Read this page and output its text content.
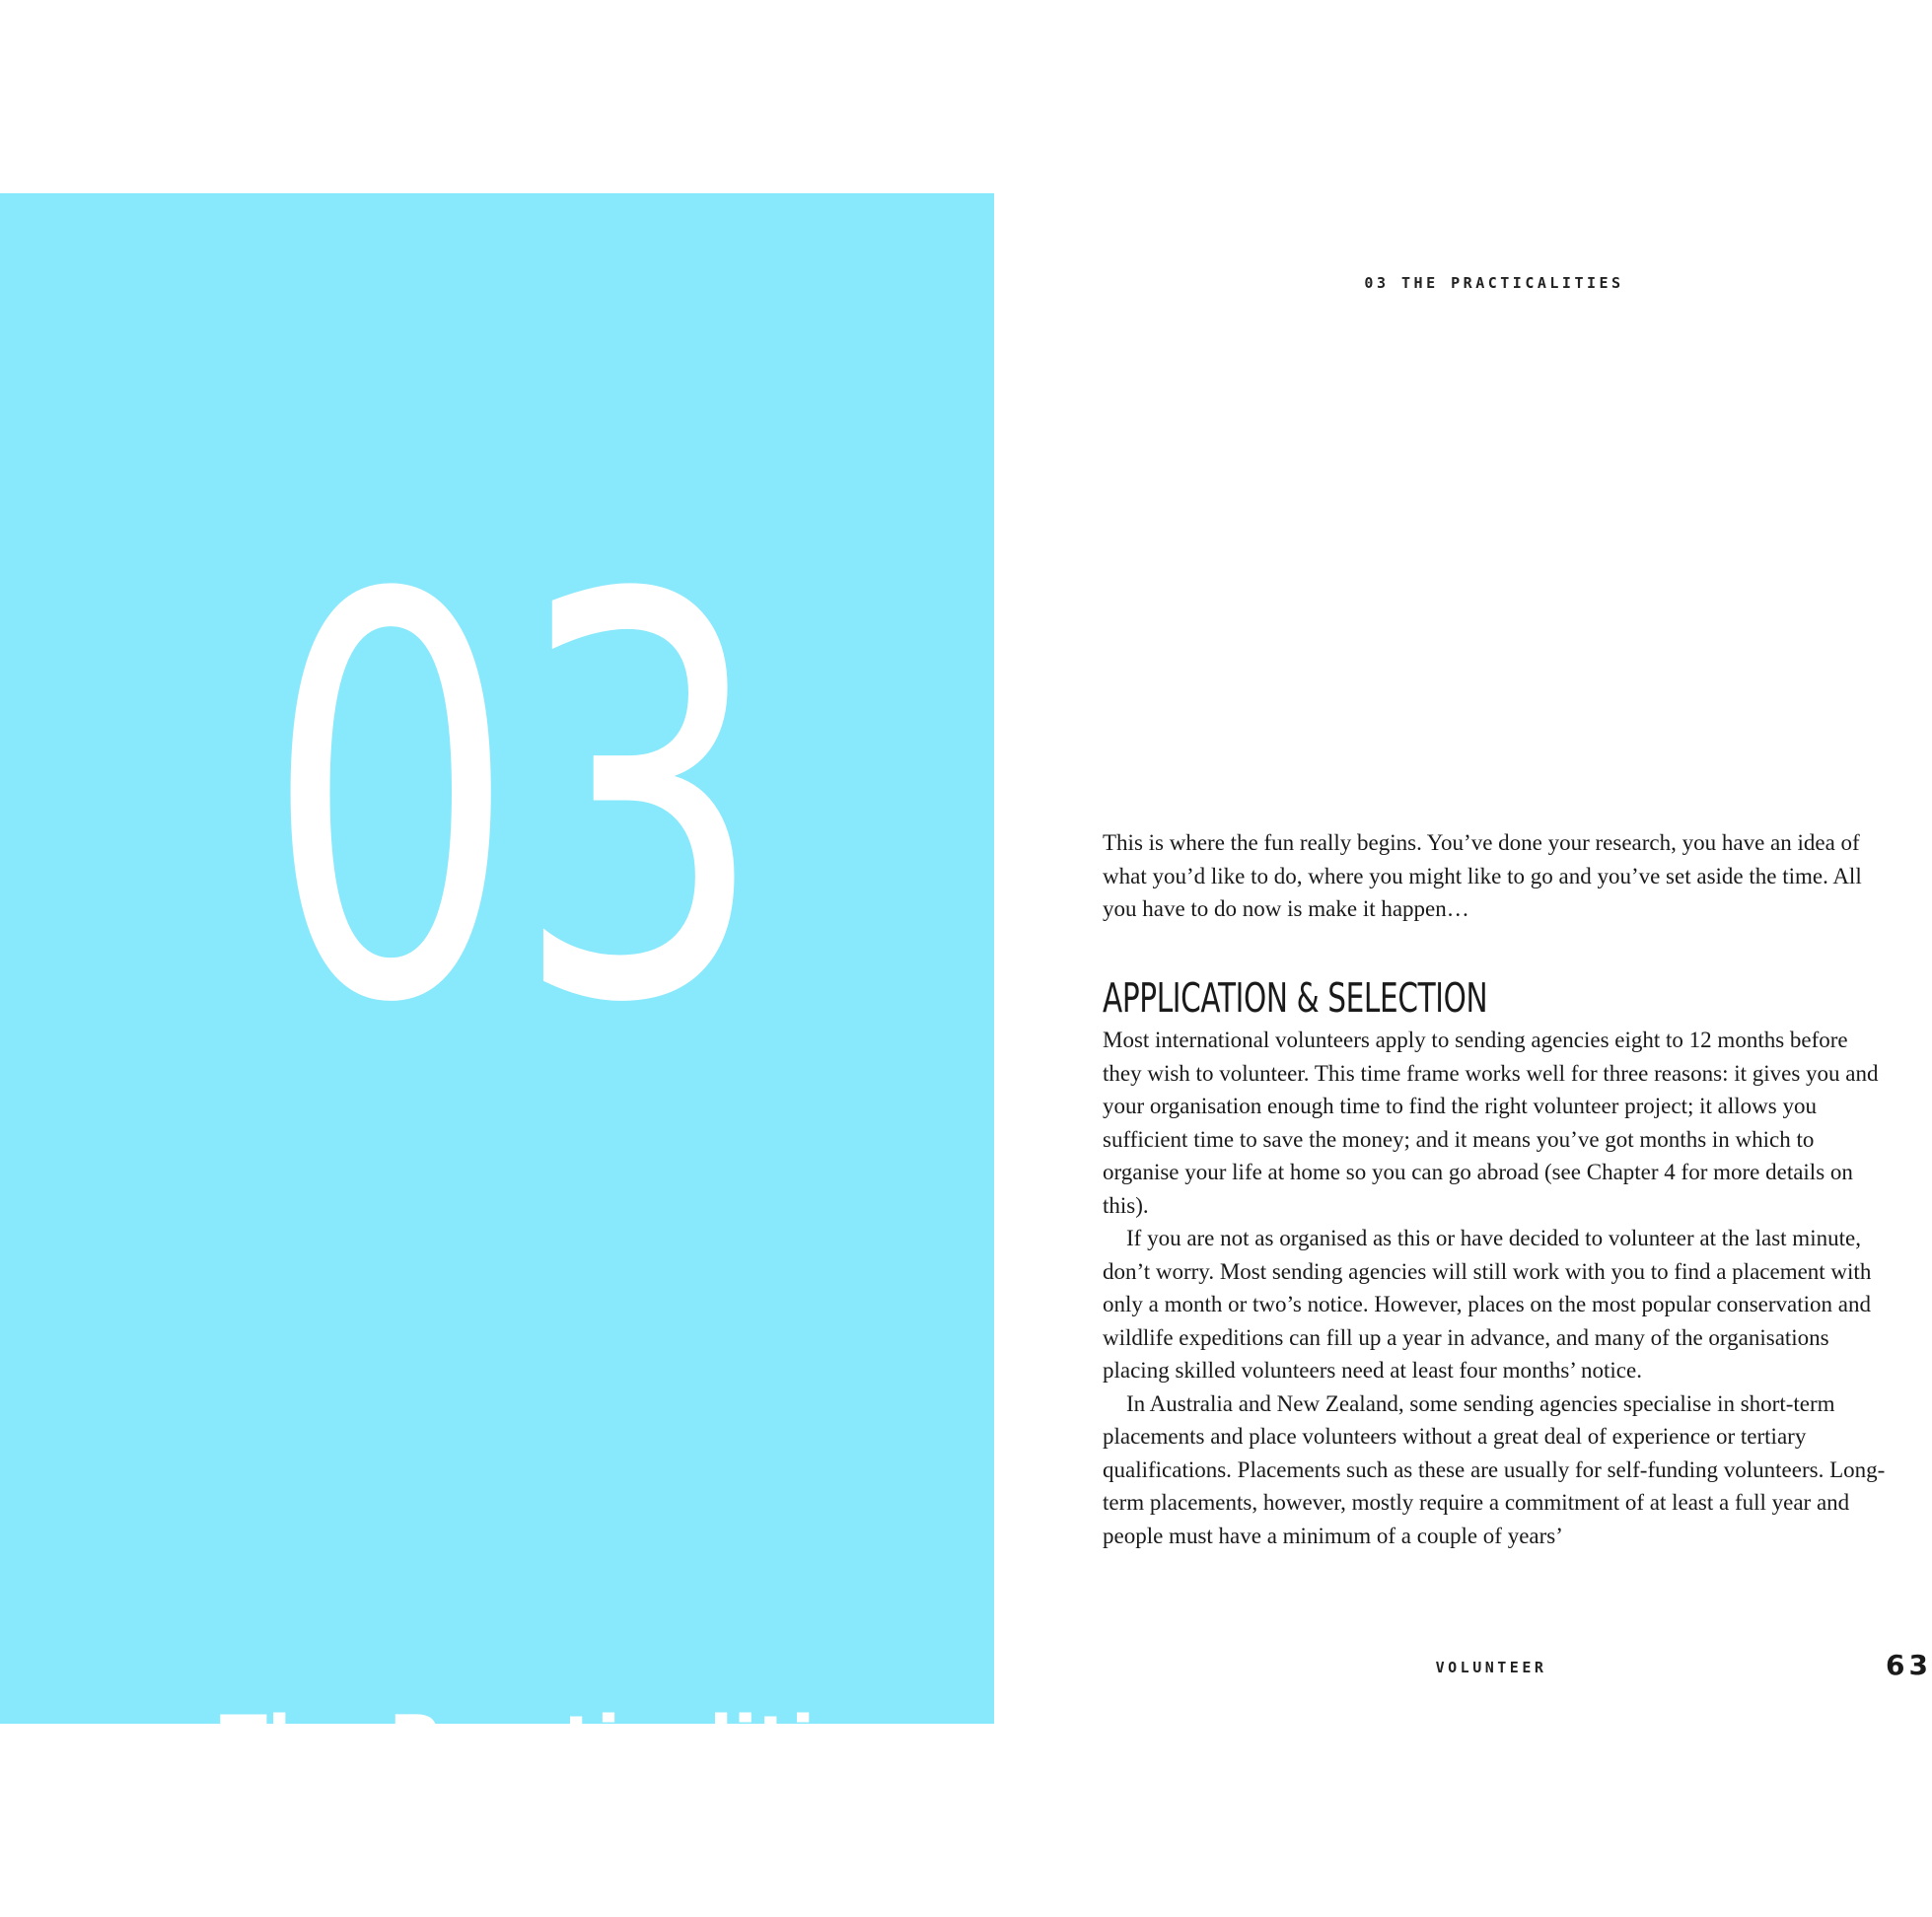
03
The Practicalities
03 THE PRACTICALITIES

This is where the fun really begins. You’ve done your research, you have an idea of what you’d like to do, where you might like to go and you’ve set aside the time. All you have to do now is make it happen…

APPLICATION & SELECTION

Most international volunteers apply to sending agencies eight to 12 months before they wish to volunteer. This time frame works well for three reasons: it gives you and your organisation enough time to find the right volunteer project; it allows you sufficient time to save the money; and it means you’ve got months in which to organise your life at home so you can go abroad (see Chapter 4 for more details on this).

If you are not as organised as this or have decided to volunteer at the last minute, don’t worry. Most sending agencies will still work with you to find a placement with only a month or two’s notice. However, places on the most popular conservation and wildlife expeditions can fill up a year in advance, and many of the organisations placing skilled volunteers need at least four months’ notice.

In Australia and New Zealand, some sending agencies specialise in short-term placements and place volunteers without a great deal of experience or tertiary qualifications. Placements such as these are usually for self-funding volunteers. Long-term placements, however, mostly require a commitment of at least a full year and people must have a minimum of a couple of years’

VOLUNTEER	63
